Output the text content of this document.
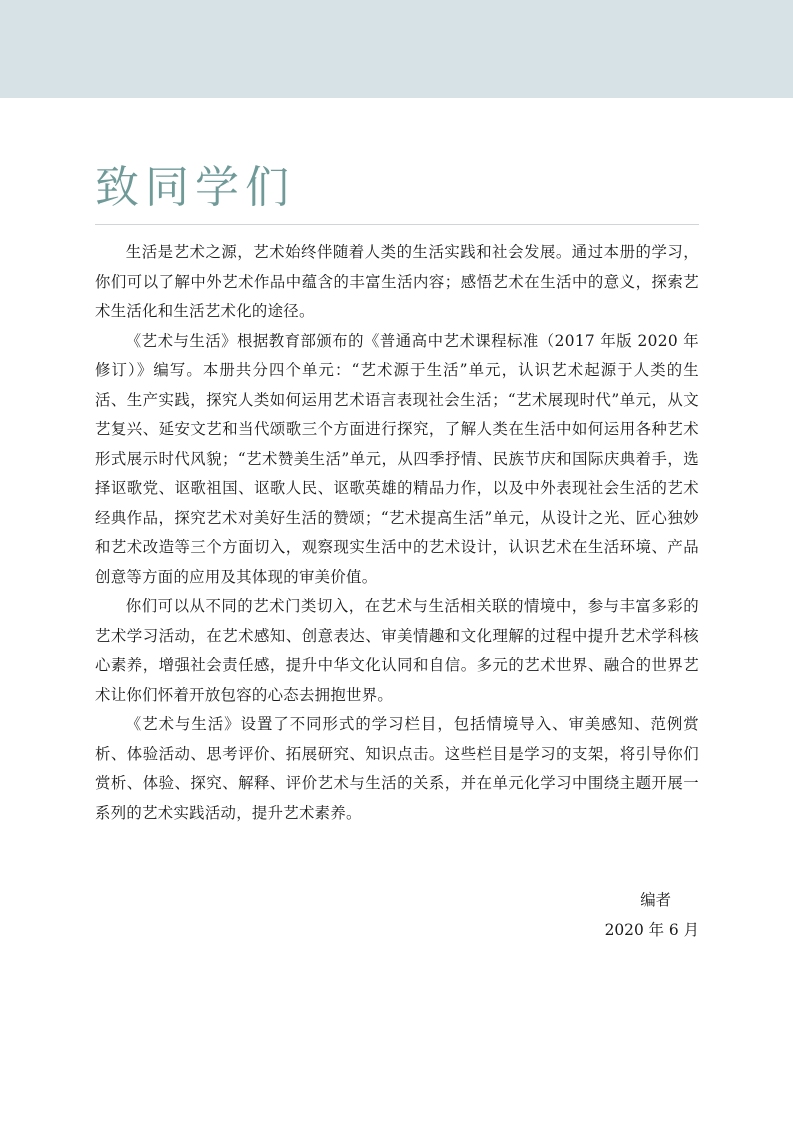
致同学们

生活是艺术之源，艺术始终伴随着人类的生活实践和社会发展。通过本册的学习，你们可以了解中外艺术作品中蕴含的丰富生活内容；感悟艺术在生活中的意义，探索艺术生活化和生活艺术化的途径。

《艺术与生活》根据教育部颁布的《普通高中艺术课程标准（2017 年版 2020 年修订）》编写。本册共分四个单元：“艺术源于生活”单元，认识艺术起源于人类的生活、生产实践，探究人类如何运用艺术语言表现社会生活；“艺术展现时代”单元，从文艺复兴、延安文艺和当代颂歌三个方面进行探究，了解人类在生活中如何运用各种艺术形式展示时代风貌；“艺术赞美生活”单元，从四季抒情、民族节庆和国际庆典着手，选择讴歌党、讴歌祖国、讴歌人民、讴歌英雄的精品力作，以及中外表现社会生活的艺术经典作品，探究艺术对美好生活的赞颂；“艺术提高生活”单元，从设计之光、匠心独妙和艺术改造等三个方面切入，观察现实生活中的艺术设计，认识艺术在生活环境、产品创意等方面的应用及其体现的审美价值。

你们可以从不同的艺术门类切入，在艺术与生活相关联的情境中，参与丰富多彩的艺术学习活动，在艺术感知、创意表达、审美情趣和文化理解的过程中提升艺术学科核心素养，增强社会责任感，提升中华文化认同和自信。多元的艺术世界、融合的世界艺术让你们怀着开放包容的心态去拥抱世界。

《艺术与生活》设置了不同形式的学习栏目，包括情境导入、审美感知、范例赏析、体验活动、思考评价、拓展研究、知识点击。这些栏目是学习的支架，将引导你们赏析、体验、探究、解释、评价艺术与生活的关系，并在单元化学习中围绕主题开展一系列的艺术实践活动，提升艺术素养。

编者
2020 年 6 月
